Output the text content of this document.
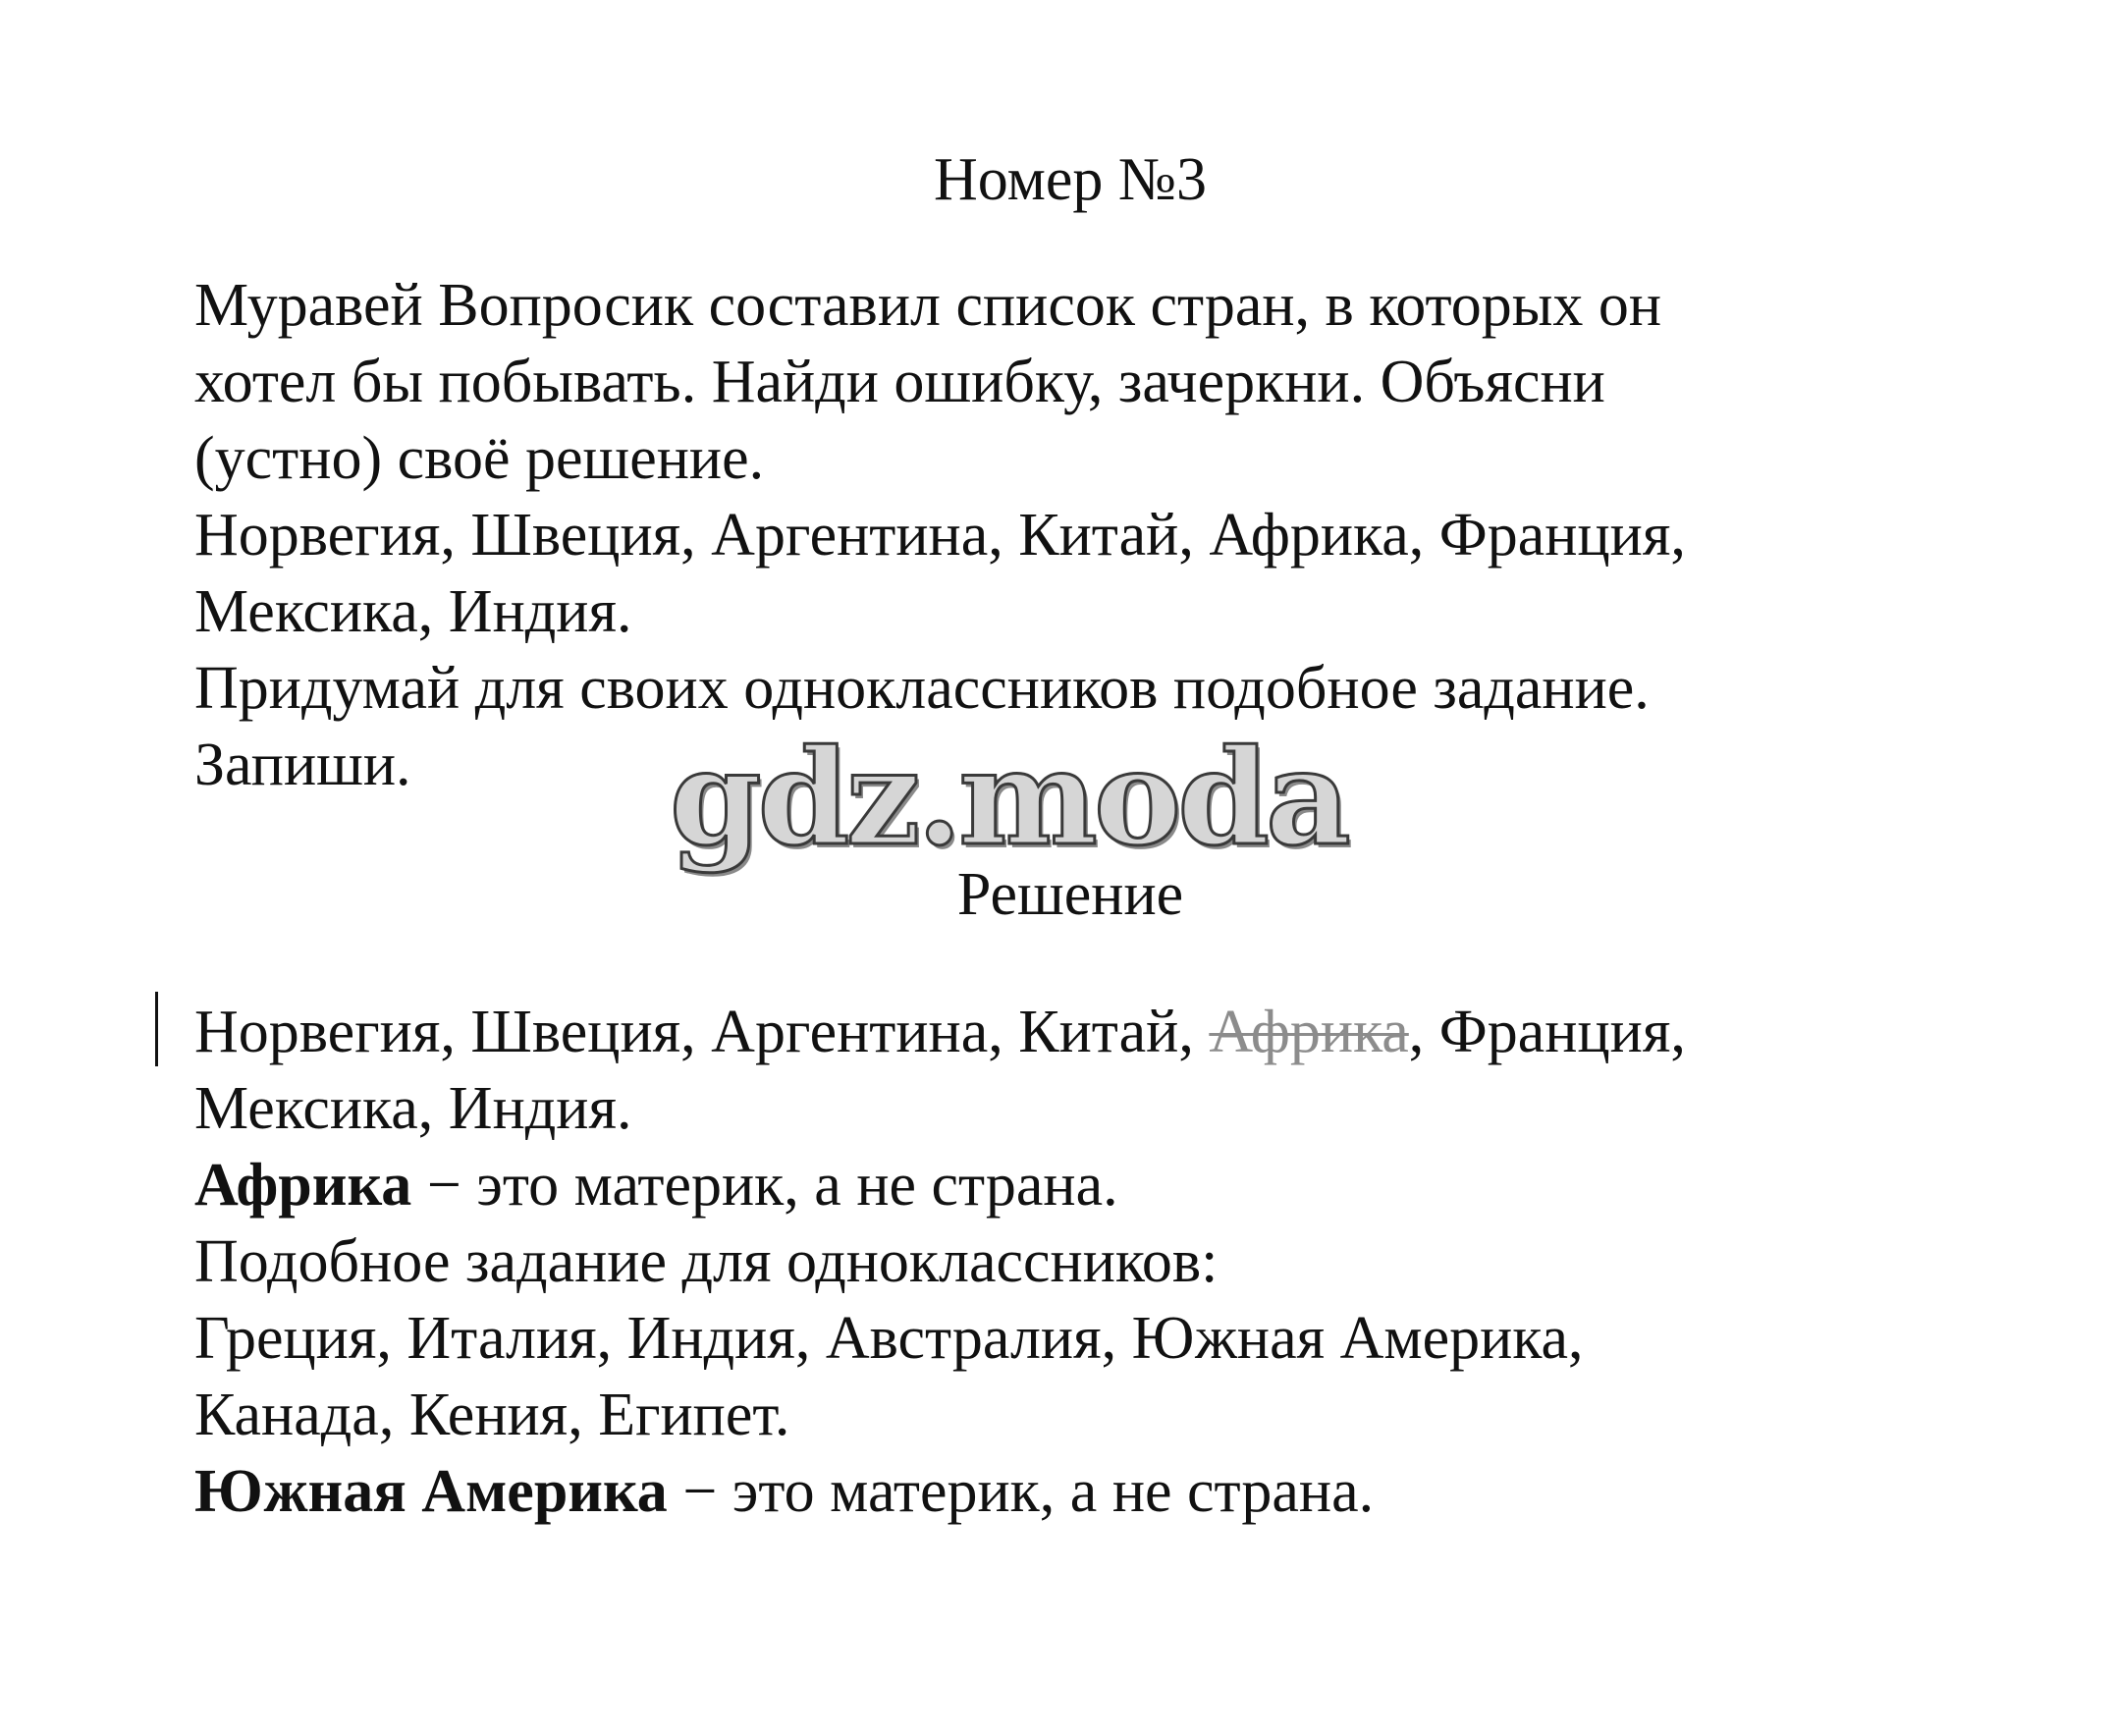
Номер №3

Муравей Вопросик составил список стран, в которых он

хотел бы побывать. Найди ошибку, зачеркни. Объясни

(устно) своё решение.

Норвегия, Швеция, Аргентина, Китай, Африка, Франция,

Мексика, Индия.

Придумай для своих одноклассников подобное задание.

Запиши.	gdz.moda
Решение

Норвегия, Швеция, Аргентина, Китай, Африка, Франция,

Мексика, Индия.

Африка − это материк, а не страна.

Подобное задание для одноклассников:

Греция, Италия, Индия, Австралия, Южная Америка,

Канада, Кения, Египет.

Южная Америка − это материк, а не страна.
